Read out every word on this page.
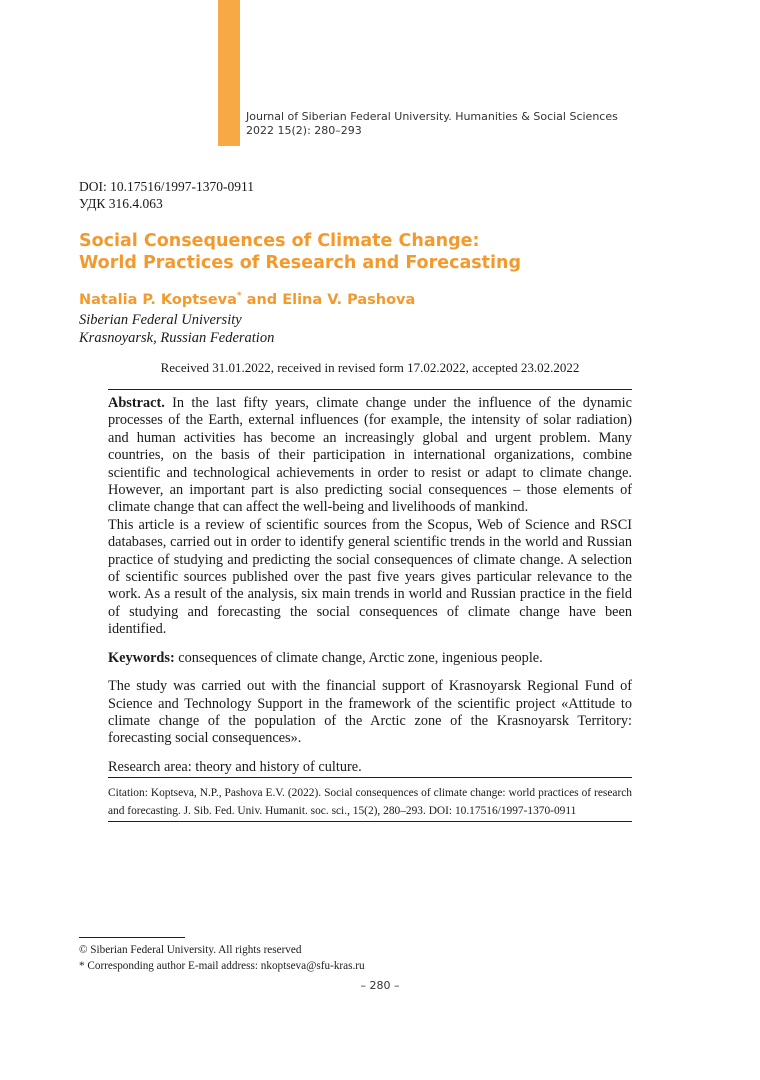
Journal of Siberian Federal University. Humanities & Social Sciences
2022 15(2): 280–293
DOI: 10.17516/1997-1370-0911
УДК 316.4.063
Social Consequences of Climate Change:
World Practices of Research and Forecasting
Natalia P. Koptseva* and Elina V. Pashova
Siberian Federal University
Krasnoyarsk, Russian Federation
Received 31.01.2022, received in revised form 17.02.2022, accepted 23.02.2022

Abstract. In the last fifty years, climate change under the influence of the dynamic processes of the Earth, external influences (for example, the intensity of solar radiation) and human activities has become an increasingly global and urgent problem. Many countries, on the basis of their participation in international organizations, combine scientific and technological achievements in order to resist or adapt to climate change. However, an important part is also predicting social consequences – those elements of climate change that can affect the well-being and livelihoods of mankind.

This article is a review of scientific sources from the Scopus, Web of Science and RSCI databases, carried out in order to identify general scientific trends in the world and Russian practice of studying and predicting the social consequences of climate change. A selection of scientific sources published over the past five years gives particular relevance to the work. As a result of the analysis, six main trends in world and Russian practice in the field of studying and forecasting the social consequences of climate change have been identified.

Keywords: consequences of climate change, Arctic zone, ingenious people.

The study was carried out with the financial support of Krasnoyarsk Regional Fund of Science and Technology Support in the framework of the scientific project «Attitude to climate change of the population of the Arctic zone of the Krasnoyarsk Territory: forecasting social consequences».

Research area: theory and history of culture.

Citation: Koptseva, N.P., Pashova E.V. (2022). Social consequences of climate change: world practices of research and forecasting. J. Sib. Fed. Univ. Humanit. soc. sci., 15(2), 280–293. DOI: 10.17516/1997-1370-0911
© Siberian Federal University. All rights reserved
* Corresponding author E-mail address: nkoptseva@sfu-kras.ru
– 280 –
